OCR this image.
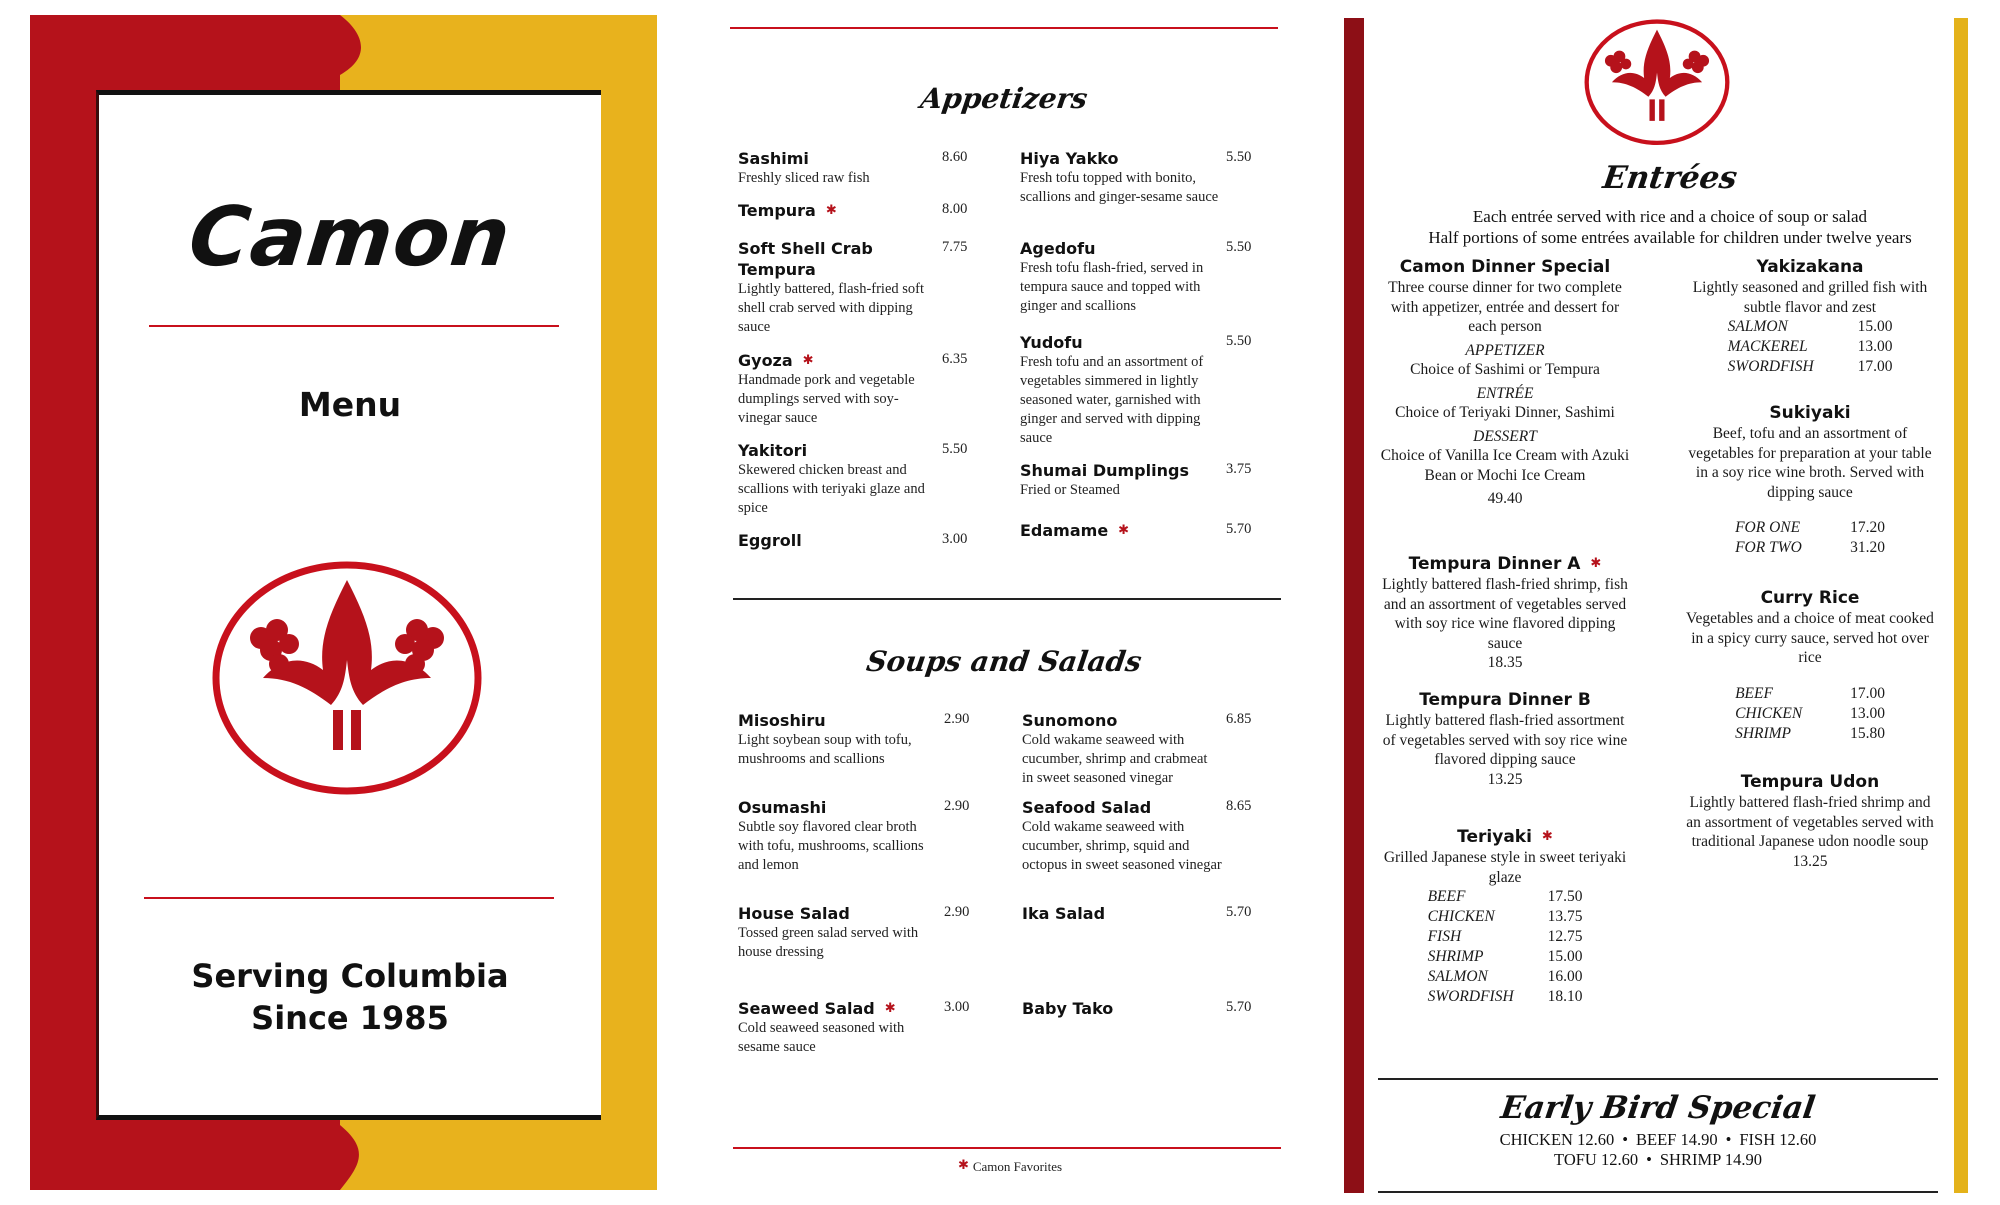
Camon
Menu
Serving Columbia
Since 1985
Appetizers
Sashimi
Freshly sliced raw fish
8.60
Tempura ✱	8.00
Soft Shell Crab Tempura
Lightly battered, flash-fried soft shell crab served with dipping sauce
7.75
Gyoza ✱
Handmade pork and vegetable dumplings served with soy-vinegar sauce
6.35
Yakitori
Skewered chicken breast and scallions with teriyaki glaze and spice
5.50
Eggroll	3.00
Hiya Yakko
Fresh tofu topped with bonito, scallions and ginger-sesame sauce
5.50
Agedofu
Fresh tofu flash-fried, served in tempura sauce and topped with ginger and scallions
5.50
Yudofu
Fresh tofu and an assortment of vegetables simmered in lightly seasoned water, garnished with ginger and served with dipping sauce
5.50
Shumai Dumplings
Fried or Steamed
3.75
Edamame ✱	5.70
Soups and Salads
Misoshiru
Light soybean soup with tofu, mushrooms and scallions
2.90
Osumashi
Subtle soy flavored clear broth with tofu, mushrooms, scallions and lemon
2.90
House Salad
Tossed green salad served with house dressing
2.90
Seaweed Salad ✱
Cold seaweed seasoned with sesame sauce
3.00
Sunomono
Cold wakame seaweed with cucumber, shrimp and crabmeat in sweet seasoned vinegar
6.85
Seafood Salad
Cold wakame seaweed with cucumber, shrimp, squid and octopus in sweet seasoned vinegar
8.65
Ika Salad	5.70
Baby Tako	5.70
✱ Camon Favorites
Entrées
Each entrée served with rice and a choice of soup or salad
Half portions of some entrées available for children under twelve years
Camon Dinner Special
Three course dinner for two complete with appetizer, entrée and dessert for each person
APPETIZER
Choice of Sashimi or Tempura
ENTRÉE
Choice of Teriyaki Dinner, Sashimi
DESSERT
Choice of Vanilla Ice Cream with Azuki Bean or Mochi Ice Cream
49.40
Tempura Dinner A ✱
Lightly battered flash-fried shrimp, fish and an assortment of vegetables served with soy rice wine flavored dipping sauce
18.35
Tempura Dinner B
Lightly battered flash-fried assortment of vegetables served with soy rice wine flavored dipping sauce
13.25
Teriyaki ✱
Grilled Japanese style in sweet teriyaki glaze
BEEF	17.50
CHICKEN	13.75
FISH	12.75
SHRIMP	15.00
SALMON	16.00
SWORDFISH	18.10
Yakizakana
Lightly seasoned and grilled fish with subtle flavor and zest
SALMON	15.00
MACKEREL	13.00
SWORDFISH	17.00
Sukiyaki
Beef, tofu and an assortment of vegetables for preparation at your table in a soy rice wine broth. Served with dipping sauce
FOR ONE	17.20
FOR TWO	31.20
Curry Rice
Vegetables and a choice of meat cooked in a spicy curry sauce, served hot over rice
BEEF	17.00
CHICKEN	13.00
SHRIMP	15.80
Tempura Udon
Lightly battered flash-fried shrimp and an assortment of vegetables served with traditional Japanese udon noodle soup
13.25
Early Bird Special
CHICKEN 12.60 • BEEF 14.90 • FISH 12.60
TOFU 12.60 • SHRIMP 14.90
